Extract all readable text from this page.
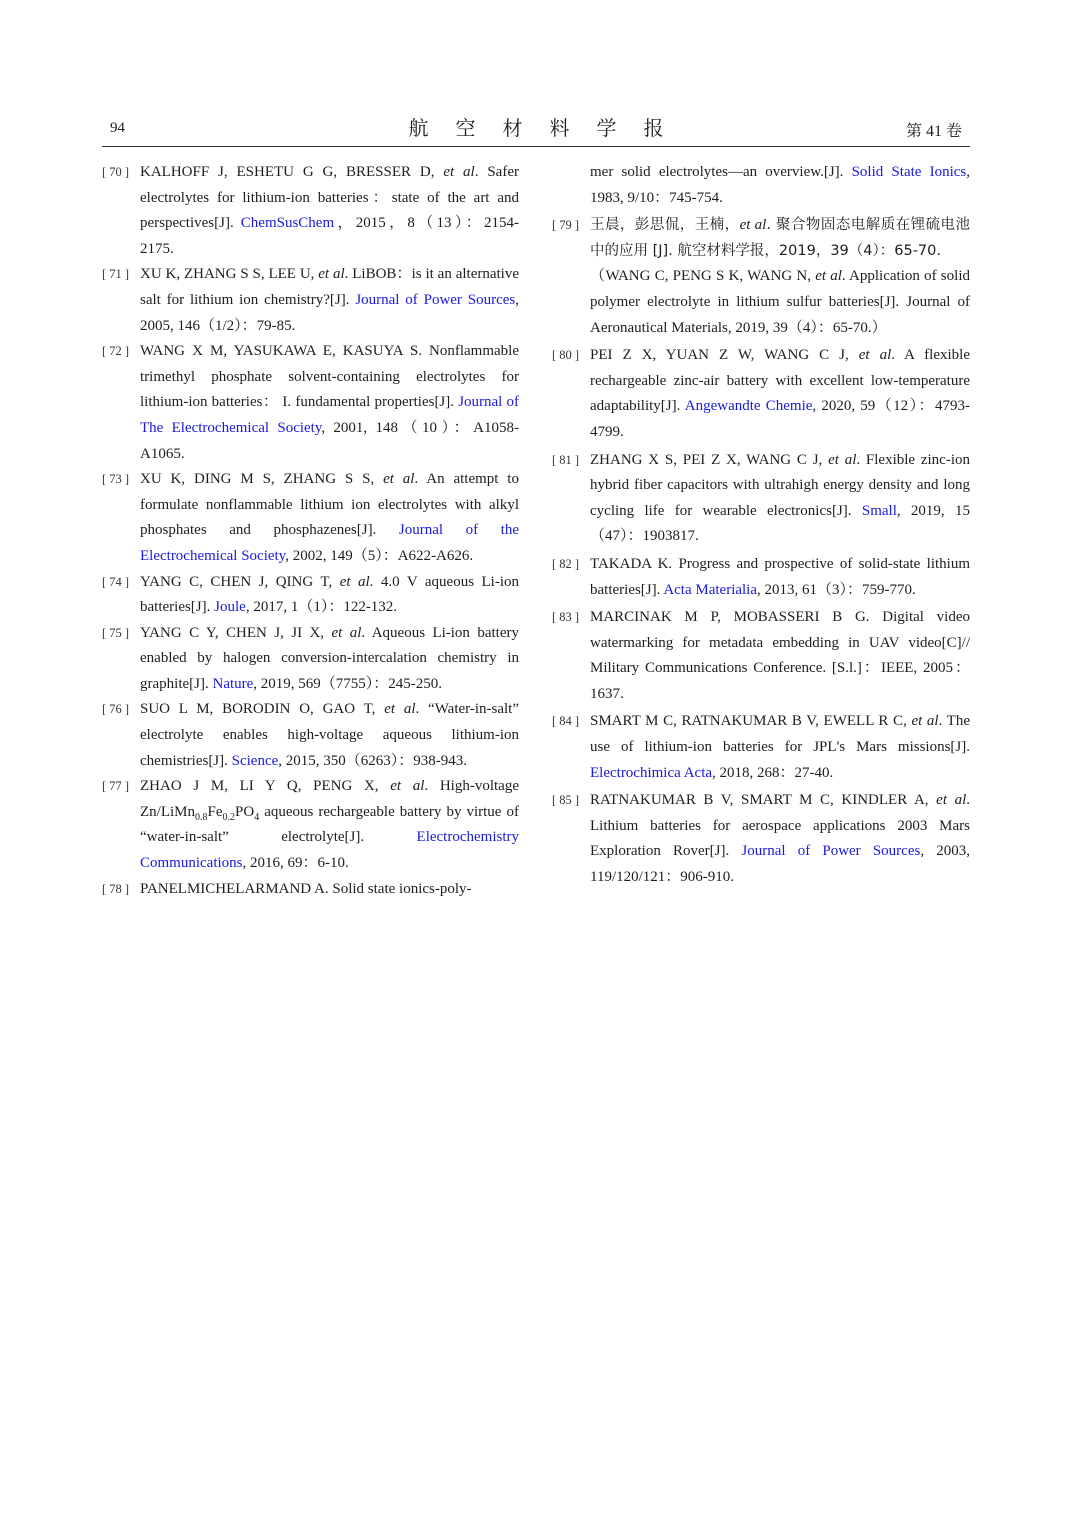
94	航 空 材 料 学 报	第 41 卷
[ 70 ] KALHOFF J, ESHETU G G, BRESSER D, et al. Safer electrolytes for lithium-ion batteries：state of the art and perspectives[J]. ChemSusChem，2015，8（13）：2154-2175.
[ 71 ] XU K, ZHANG S S, LEE U, et al. LiBOB：is it an alternative salt for lithium ion chemistry?[J]. Journal of Power Sources, 2005, 146（1/2）：79-85.
[ 72 ] WANG X M, YASUKAWA E, KASUYA S. Nonflammable trimethyl phosphate solvent-containing electrolytes for lithium-ion batteries： I. fundamental properties[J]. Journal of The Electrochemical Society, 2001, 148（10）：A1058-A1065.
[ 73 ] XU K, DING M S, ZHANG S S, et al. An attempt to formulate nonflammable lithium ion electrolytes with alkyl phosphates and phosphazenes[J]. Journal of the Electrochemical Society, 2002, 149（5）：A622-A626.
[ 74 ] YANG C, CHEN J, QING T, et al. 4.0 V aqueous Li-ion batteries[J]. Joule, 2017, 1（1）：122-132.
[ 75 ] YANG C Y, CHEN J, JI X, et al. Aqueous Li-ion battery enabled by halogen conversion-intercalation chemistry in graphite[J]. Nature, 2019, 569（7755）：245-250.
[ 76 ] SUO L M, BORODIN O, GAO T, et al. “Water-in-salt” electrolyte enables high-voltage aqueous lithium-ion chemistries[J]. Science, 2015, 350（6263）：938-943.
[ 77 ] ZHAO J M, LI Y Q, PENG X, et al. High-voltage $Zn/LiMn_{0.8}Fe_{0.2}PO_4$ aqueous rechargeable battery by virtue of “water-in-salt” electrolyte[J]. Electrochemistry Communications, 2016, 69：6-10.
[ 78 ] PANELMICHELARMAND A. Solid state ionics-poly-
mer solid electrolytes—an overview.[J]. Solid State Ionics, 1983, 9/10：745-754.
[ 79 ] 王晨，彭思侃，王楠，et al. 聚合物固态电解质在锂硫电池中的应用 [J]. 航空材料学报，2019，39（4）：65-70.
（WANG C, PENG S K, WANG N, et al. Application of solid polymer electrolyte in lithium sulfur batteries[J]. Journal of Aeronautical Materials, 2019, 39（4）：65-70.）
[ 80 ] PEI Z X, YUAN Z W, WANG C J, et al. A flexible rechargeable zinc-air battery with excellent low-temperature adaptability[J]. Angewandte Chemie, 2020, 59（12）：4793-4799.
[ 81 ] ZHANG X S, PEI Z X, WANG C J, et al. Flexible zinc-ion hybrid fiber capacitors with ultrahigh energy density and long cycling life for wearable electronics[J]. Small, 2019, 15（47）：1903817.
[ 82 ] TAKADA K. Progress and prospective of solid-state lithium batteries[J]. Acta Materialia, 2013, 61（3）：759-770.
[ 83 ] MARCINAK M P, MOBASSERI B G. Digital video watermarking for metadata embedding in UAV video[C]// Military Communications Conference. [S.l.]：IEEE, 2005：1637.
[ 84 ] SMART M C, RATNAKUMAR B V, EWELL R C, et al. The use of lithium-ion batteries for JPL's Mars missions[J]. Electrochimica Acta, 2018, 268：27-40.
[ 85 ] RATNAKUMAR B V, SMART M C, KINDLER A, et al. Lithium batteries for aerospace applications 2003 Mars Exploration Rover[J]. Journal of Power Sources, 2003, 119/120/121：906-910.
